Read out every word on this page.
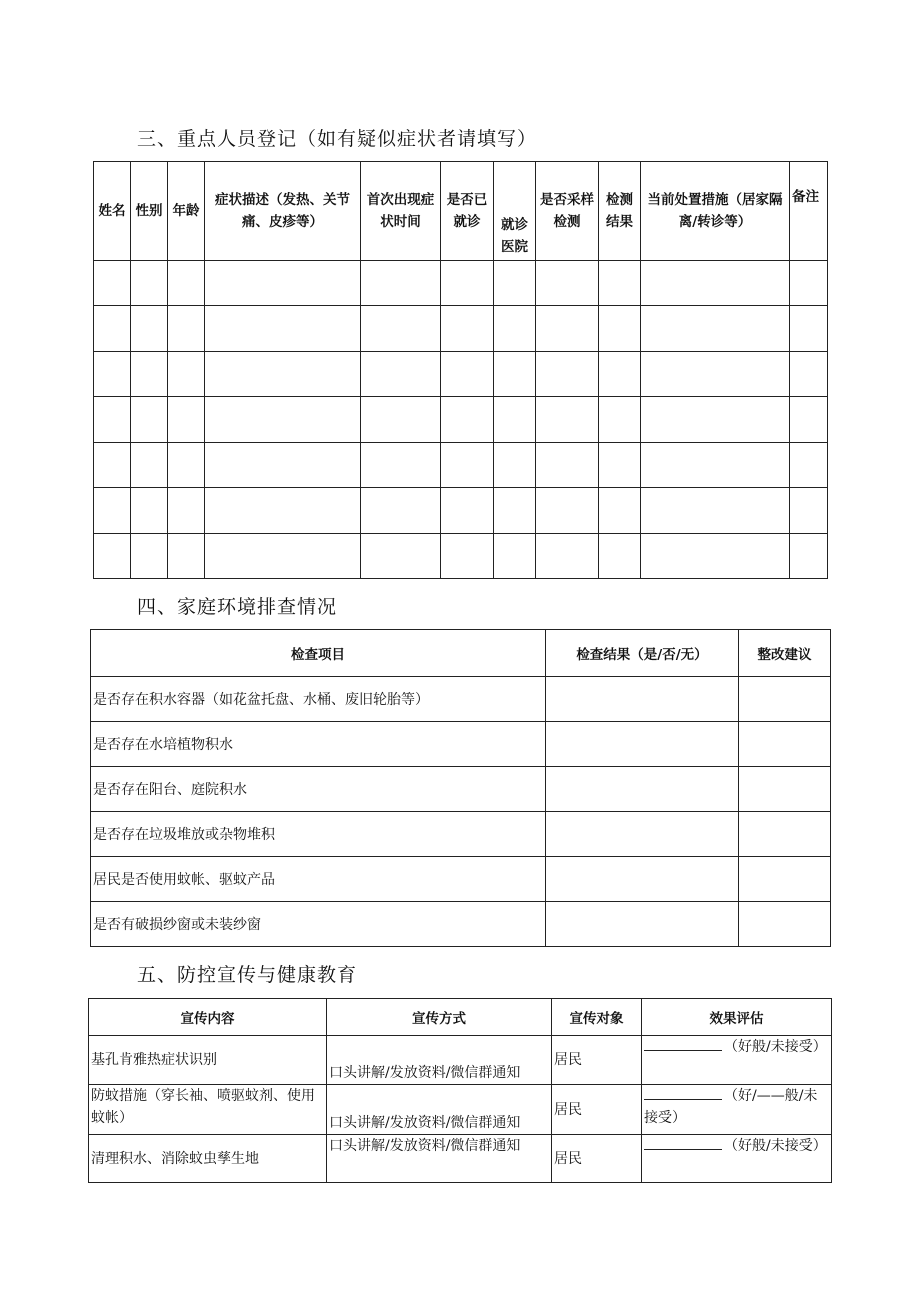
三、重点人员登记（如有疑似症状者请填写）
姓名	性别	年龄	症状描述（发热、关节痛、皮疹等）	首次出现症状时间	是否已就诊	就诊医院	是否采样检测	检测结果	当前处置措施（居家隔离/转诊等）	备注

四、家庭环境排查情况
检查项目	检查结果（是/否/无）	整改建议
是否存在积水容器（如花盆托盘、水桶、废旧轮胎等）		
是否存在水培植物积水		
是否存在阳台、庭院积水		
是否存在垃圾堆放或杂物堆积		
居民是否使用蚊帐、驱蚊产品		
是否有破损纱窗或未装纱窗		
五、防控宣传与健康教育
宣传内容	宣传方式	宣传对象	效果评估
基孔肯雅热症状识别	口头讲解/发放资料/微信群通知	居民	（好般/未接受）
防蚊措施（穿长袖、喷驱蚊剂、使用蚊帐）	口头讲解/发放资料/微信群通知	居民	（好/——般/未接受）
清理积水、消除蚊虫孳生地	口头讲解/发放资料/微信群通知	居民	（好般/未接受）
